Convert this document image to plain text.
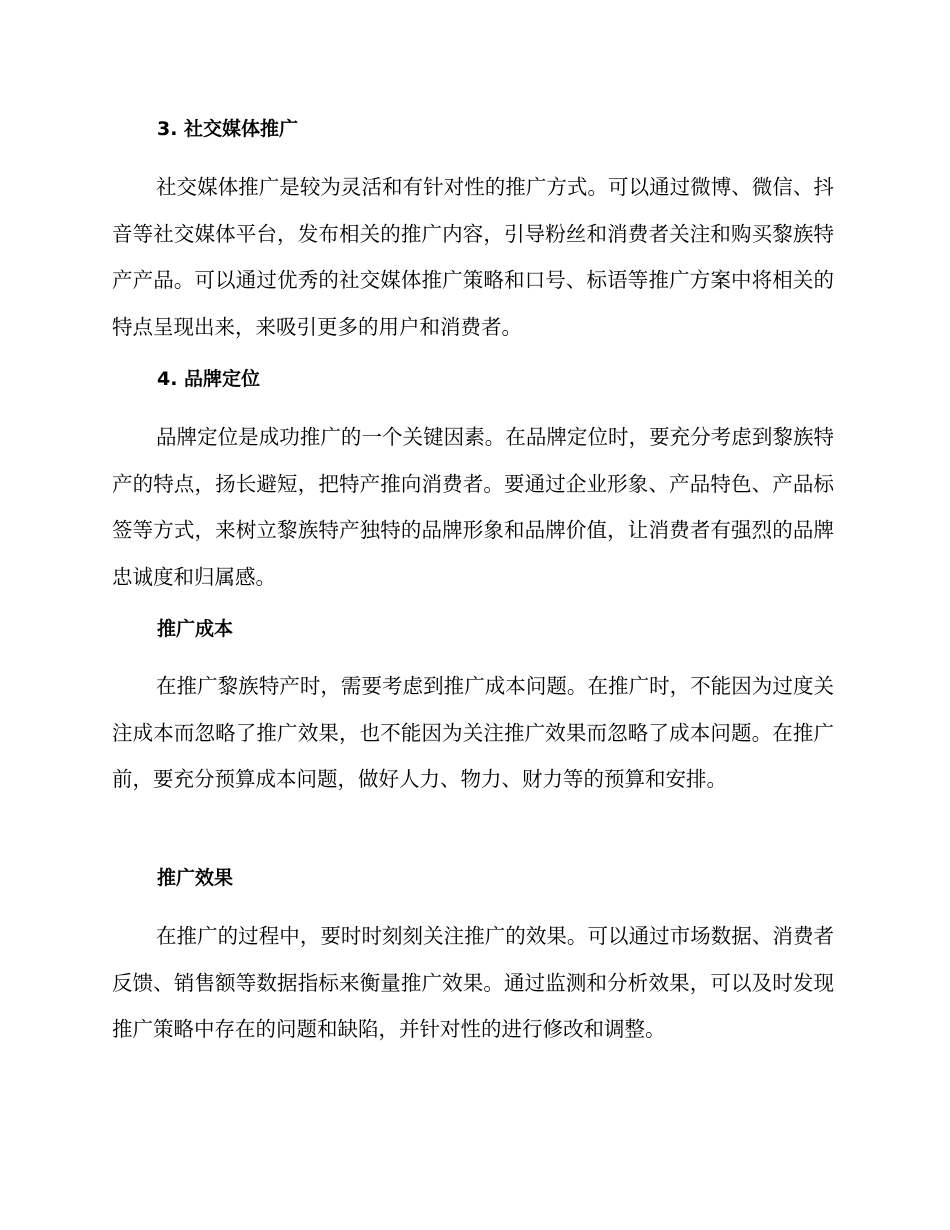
3. 社交媒体推广

社交媒体推广是较为灵活和有针对性的推广方式。可以通过微博、微信、抖音等社交媒体平台，发布相关的推广内容，引导粉丝和消费者关注和购买黎族特产产品。可以通过优秀的社交媒体推广策略和口号、标语等推广方案中将相关的特点呈现出来，来吸引更多的用户和消费者。

4. 品牌定位

品牌定位是成功推广的一个关键因素。在品牌定位时，要充分考虑到黎族特产的特点，扬长避短，把特产推向消费者。要通过企业形象、产品特色、产品标签等方式，来树立黎族特产独特的品牌形象和品牌价值，让消费者有强烈的品牌忠诚度和归属感。

推广成本

在推广黎族特产时，需要考虑到推广成本问题。在推广时，不能因为过度关注成本而忽略了推广效果，也不能因为关注推广效果而忽略了成本问题。在推广前，要充分预算成本问题，做好人力、物力、财力等的预算和安排。

推广效果

在推广的过程中，要时时刻刻关注推广的效果。可以通过市场数据、消费者反馈、销售额等数据指标来衡量推广效果。通过监测和分析效果，可以及时发现推广策略中存在的问题和缺陷，并针对性的进行修改和调整。
